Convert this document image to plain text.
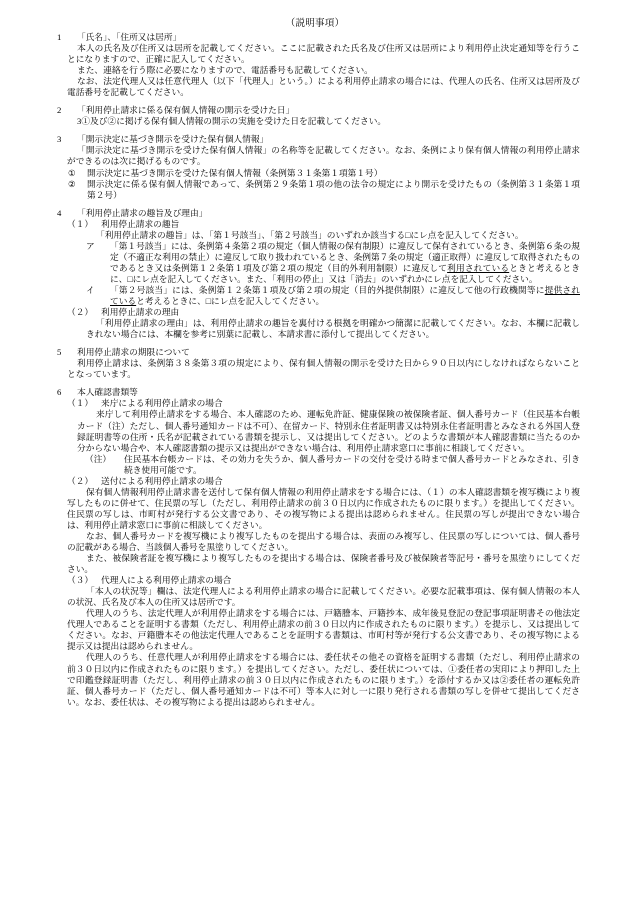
（説明事項）
1	「氏名」、「住所又は居所」
本人の氏名及び住所又は居所を記載してください。ここに記載された氏名及び住所又は居所により利用停止決定通知等を行うことになりますので、正確に記入してください。
また、連絡を行う際に必要になりますので、電話番号も記載してください。
なお、法定代理人又は任意代理人（以下「代理人」という。）による利用停止請求の場合には、代理人の氏名、住所又は居所及び電話番号を記載してください。
2	「利用停止請求に係る保有個人情報の開示を受けた日」
3①及び②に掲げる保有個人情報の開示の実施を受けた日を記載してください。
3	「開示決定に基づき開示を受けた保有個人情報」
「開示決定に基づき開示を受けた保有個人情報」の名称等を記載してください。なお、条例により保有個人情報の利用停止請求ができるのは次に掲げるものです。
①	開示決定に基づき開示を受けた保有個人情報（条例第３１条第１項第１号）
②	開示決定に係る保有個人情報であって、条例第２９条第１項の他の法令の規定により開示を受けたもの（条例第３１条第１項第２号）
4	「利用停止請求の趣旨及び理由」
（１） 利用停止請求の趣旨
「利用停止請求の趣旨」は、「第１号該当」、「第２号該当」のいずれか該当する□にレ点を記入してください。
ア	「第１号該当」には、条例第４条第２項の規定（個人情報の保有制限）に違反して保有されているとき、条例第６条の規定（不適正な利用の禁止）に違反して取り扱われているとき、条例第７条の規定（適正取得）に違反して取得されたものであるとき又は条例第１２条第１項及び第２項の規定（目的外利用制限）に違反して利用されているときと考えるときに、□にレ点を記入してください。また、「利用の停止」又は「消去」のいずれかにレ点を記入してください。
イ	「第２号該当」には、条例第１２条第１項及び第２項の規定（目的外提供制限）に違反して他の行政機関等に提供されていると考えるときに、□にレ点を記入してください。
（２） 利用停止請求の理由
「利用停止請求の理由」は、利用停止請求の趣旨を裏付ける根拠を明確かつ簡潔に記載してください。なお、本欄に記載しきれない場合には、本欄を参考に別葉に記載し、本請求書に添付して提出してください。
5	利用停止請求の期限について
利用停止請求は、条例第３８条第３項の規定により、保有個人情報の開示を受けた日から９０日以内にしなければならないこととなっています。
6	本人確認書類等
（１） 来庁による利用停止請求の場合
来庁して利用停止請求をする場合、本人確認のため、運転免許証、健康保険の被保険者証、個人番号カード（住民基本台帳カード（注）ただし、個人番号通知カードは不可）、在留カード、特別永住者証明書又は特別永住者証明書とみなされる外国人登録証明書等の住所・氏名が記載されている書類を提示し、又は提出してください。どのような書類が本人確認書類に当たるのか分からない場合や、本人確認書類の提示又は提出ができない場合は、利用停止請求窓口に事前に相談してください。
（注）	住民基本台帳カードは、その効力を失うか、個人番号カードの交付を受ける時まで個人番号カードとみなされ、引き続き使用可能です。
（２） 送付による利用停止請求の場合
保有個人情報利用停止請求書を送付して保有個人情報の利用停止請求をする場合には、（１）の本人確認書類を複写機により複写したものに併せて、住民票の写し（ただし、利用停止請求の前３０日以内に作成されたものに限ります。）を提出してください。住民票の写しは、市町村が発行する公文書であり、その複写物による提出は認められません。住民票の写しが提出できない場合は、利用停止請求窓口に事前に相談してください。
なお、個人番号カードを複写機により複写したものを提出する場合は、表面のみ複写し、住民票の写しについては、個人番号の記載がある場合、当該個人番号を黒塗りしてください。
また、被保険者証を複写機により複写したものを提出する場合は、保険者番号及び被保険者等記号・番号を黒塗りにしてください。
（３） 代理人による利用停止請求の場合
「本人の状況等」欄は、法定代理人による利用停止請求の場合に記載してください。必要な記載事項は、保有個人情報の本人の状況、氏名及び本人の住所又は居所です。
代理人のうち、法定代理人が利用停止請求をする場合には、戸籍謄本、戸籍抄本、成年後見登記の登記事項証明書その他法定代理人であることを証明する書類（ただし、利用停止請求の前３０日以内に作成されたものに限ります。）を提示し、又は提出してください。なお、戸籍謄本その他法定代理人であることを証明する書類は、市町村等が発行する公文書であり、その複写物による提示又は提出は認められません。
代理人のうち、任意代理人が利用停止請求をする場合には、委任状その他その資格を証明する書類（ただし、利用停止請求の前３０日以内に作成されたものに限ります。）を提出してください。ただし、委任状については、①委任者の実印により押印した上で印鑑登録証明書（ただし、利用停止請求の前３０日以内に作成されたものに限ります。）を添付するか又は②委任者の運転免許証、個人番号カード（ただし、個人番号通知カードは不可）等本人に対し一に限り発行される書類の写しを併せて提出してください。なお、委任状は、その複写物による提出は認められません。
